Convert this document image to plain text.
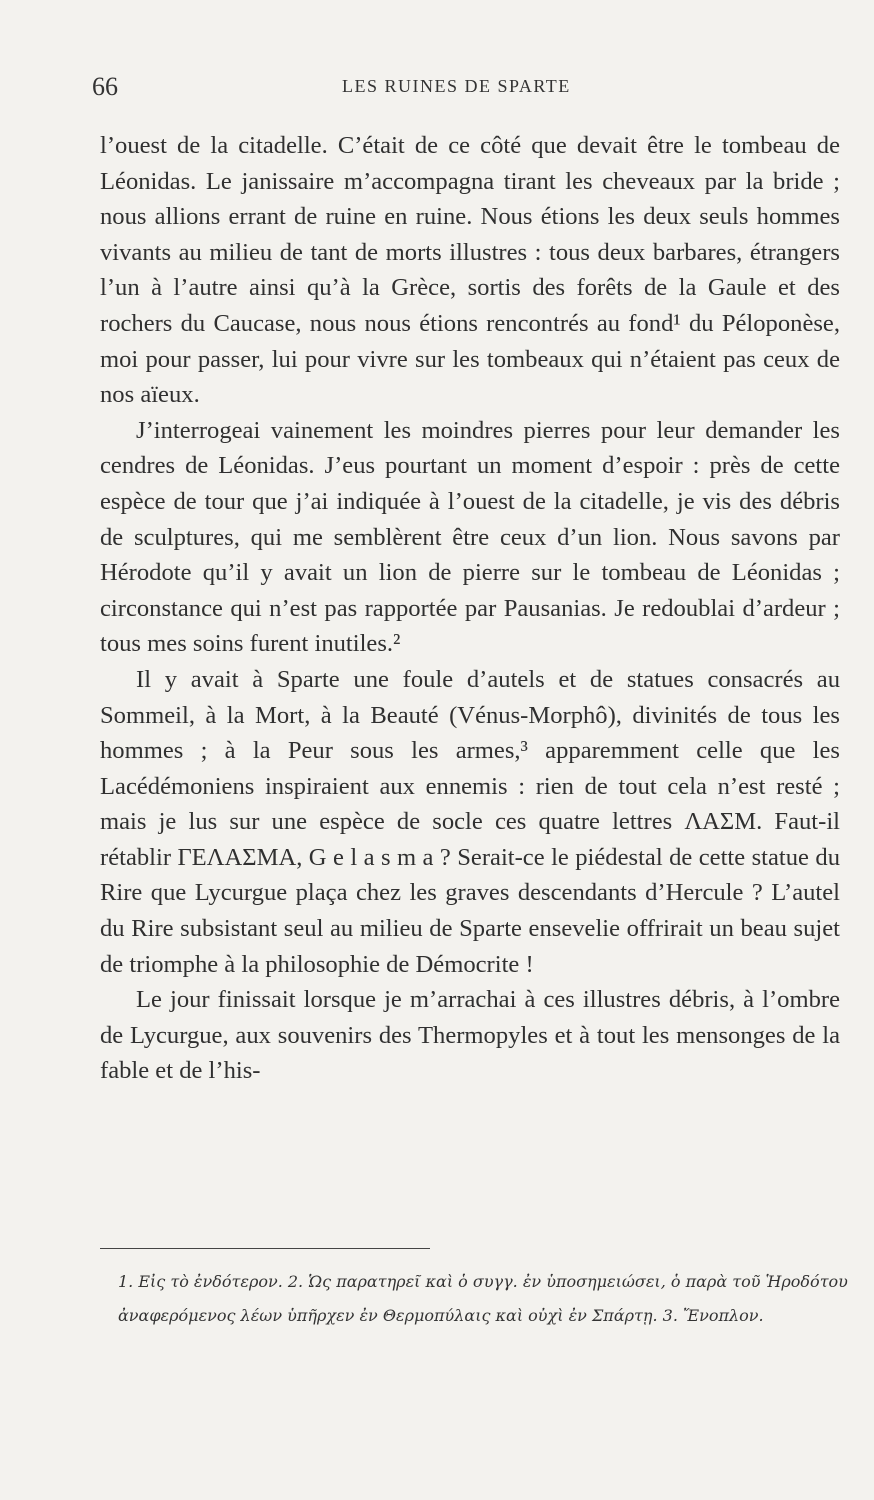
66	LES RUINES DE SPARTE

l’ouest de la citadelle. C’était de ce côté que devait être le tombeau de Léonidas. Le janissaire m’accompagna tirant les cheveaux par la bride ; nous allions errant de ruine en ruine. Nous étions les deux seuls hommes vivants au milieu de tant de morts illustres : tous deux barbares, étrangers l’un à l’autre ainsi qu’à la Grèce, sortis des forêts de la Gaule et des rochers du Caucase, nous nous étions rencontrés au fond¹ du Péloponèse, moi pour passer, lui pour vivre sur les tombeaux qui n’étaient pas ceux de nos aïeux.

J’interrogeai vainement les moindres pierres pour leur demander les cendres de Léonidas. J’eus pourtant un moment d’espoir : près de cette espèce de tour que j’ai indiquée à l’ouest de la citadelle, je vis des débris de sculptures, qui me semblèrent être ceux d’un lion. Nous savons par Hérodote qu’il y avait un lion de pierre sur le tombeau de Léonidas ; circonstance qui n’est pas rapportée par Pausanias. Je redoublai d’ardeur ; tous mes soins furent inutiles.²

Il y avait à Sparte une foule d’autels et de statues consacrés au Sommeil, à la Mort, à la Beauté (Vénus-Morphô), divinités de tous les hommes ; à la Peur sous les armes,³ apparemment celle que les Lacédémoniens inspiraient aux ennemis : rien de tout cela n’est resté ; mais je lus sur une espèce de socle ces quatre lettres ΛΑΣΜ. Faut-il rétablir ΓΕΛΑΣΜΑ, G e l a s m a ? Serait-ce le piédestal de cette statue du Rire que Lycurgue plaça chez les graves descendants d’Hercule ? L’autel du Rire subsistant seul au milieu de Sparte ensevelie offrirait un beau sujet de triomphe à la philosophie de Démocrite !

Le jour finissait lorsque je m’arrachai à ces illustres débris, à l’ombre de Lycurgue, aux souvenirs des Thermopyles et à tout les mensonges de la fable et de l’his-

1. Εἰς τὸ ἐνδότερον. 2. Ὡς παρατηρεῖ καὶ ὁ συγγ. ἐν ὑποσημειώσει, ὁ παρὰ τοῦ Ἡροδότου

ἀναφερόμενος λέων ὑπῆρχεν ἐν Θερμοπύλαις καὶ οὐχὶ ἐν Σπάρτῃ. 3. Ἔνοπλον.
